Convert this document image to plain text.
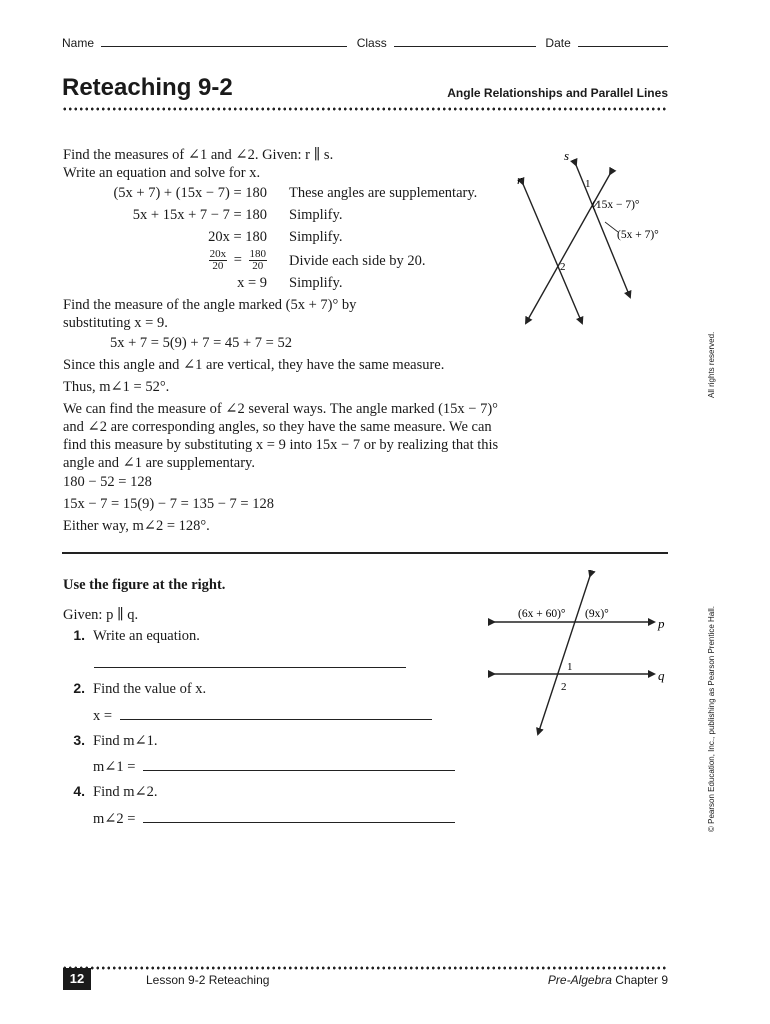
Name	Class	Date
Reteaching 9-2	Angle Relationships and Parallel Lines
Find the measures of ∠1 and ∠2. Given: r ∥ s.
Write an equation and solve for x.
(5x + 7) + (15x − 7) = 180 These angles are supplementary.
5x + 15x + 7 − 7 = 180 Simplify.
20x = 180 Simplify.
$\frac{20x}{20} = \frac{180}{20}$ Divide each side by 20.
x = 9 Simplify.
Find the measure of the angle marked (5x + 7)° by
substituting x = 9.
5x + 7 = 5(9) + 7 = 45 + 7 = 52
Since this angle and ∠1 are vertical, they have the same measure.
Thus, m∠1 = 52°.
We can find the measure of ∠2 several ways. The angle marked (15x − 7)°
and ∠2 are corresponding angles, so they have the same measure. We can
find this measure by substituting x = 9 into 15x − 7 or by realizing that this
angle and ∠1 are supplementary.
180 − 52 = 128
15x − 7 = 15(9) − 7 = 135 − 7 = 128
Either way, m∠2 = 128°.
s
r	1
2
(15x − 7)°
(5x + 7)°
Use the figure at the right.
Given: p ∥ q.
1. Write an equation.
2. Find the value of x.
x =
3. Find m∠1.
m∠1 =
4. Find m∠2.
m∠2 =
(6x + 60)° (9x)°
p
q
1
2
All rights reserved.
© Pearson Education, Inc., publishing as Pearson Prentice Hall.
12	Lesson 9-2 Reteaching	Pre-Algebra Chapter 9
